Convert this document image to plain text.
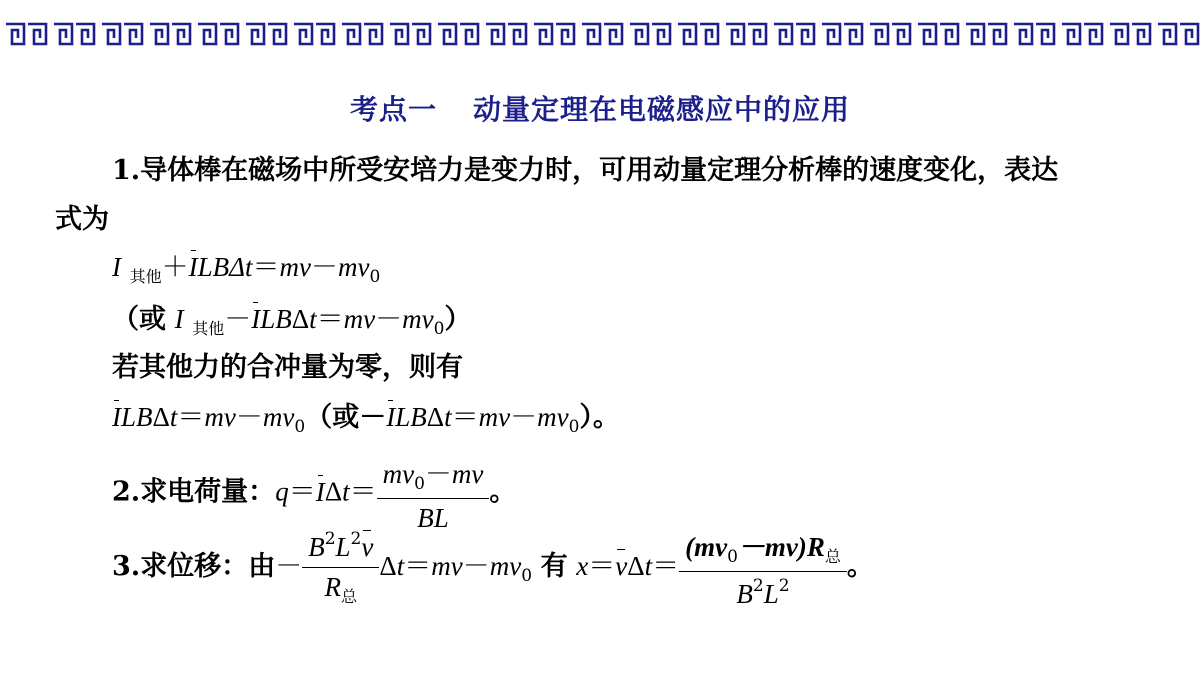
考点一 动量定理在电磁感应中的应用
1.导体棒在磁场中所受安培力是变力时，可用动量定理分析棒的速度变化，表达
式为
I $_{其他}+ILB\Delta t=mv-mv_0$
（或 I $_{其他}-ILB\Delta t=mv-mv_0$）
若其他力的合冲量为零，则有
$ILB\Delta t=mv-mv_0$（或$-ILB\Delta t=mv-mv_0$）。
2.求电荷量：$q=I\Delta t= \frac{mv_0-mv}{BL}$ 。
3.求位移：由－ $\frac{B^2L^2v}{R_总} \Delta t=mv-mv_0$ 有 $x=v\Delta t= \frac{(mv_0-mv)R_总}{B^2L^2}$ 。
